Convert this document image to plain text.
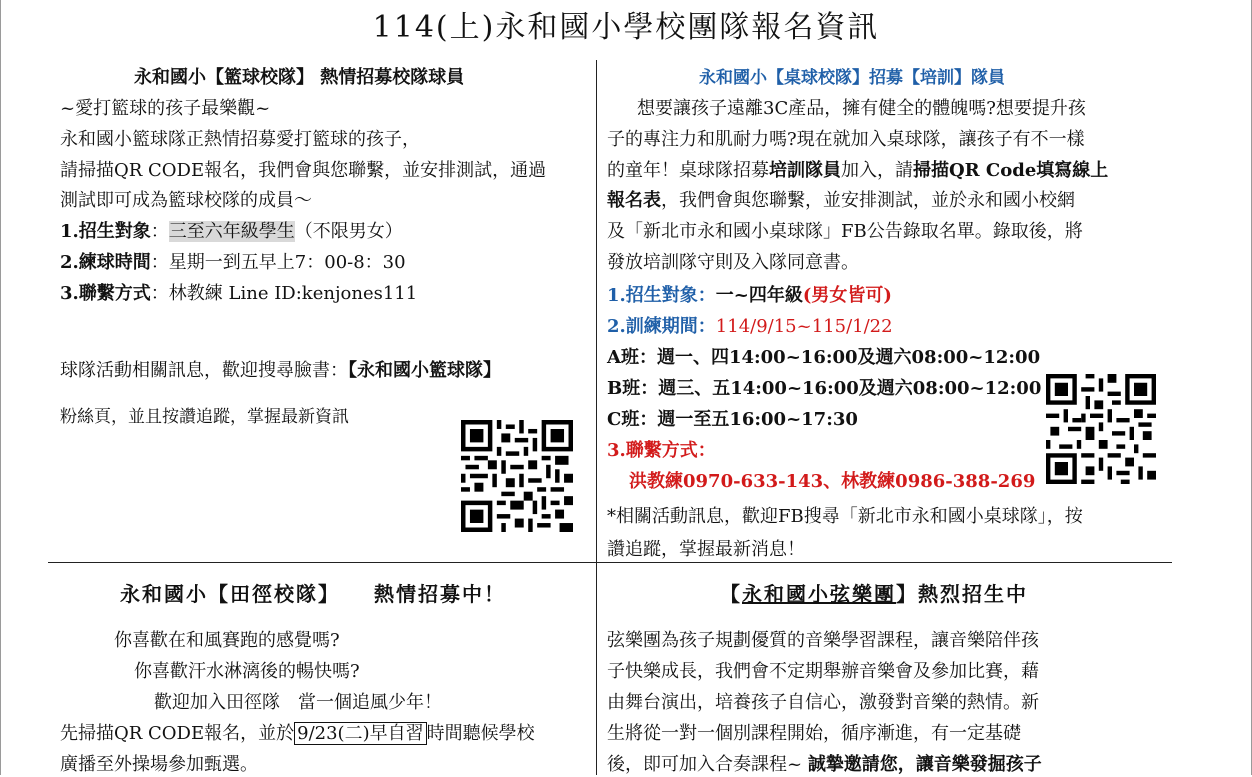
114(上)永和國小學校團隊報名資訊
永和國小【籃球校隊】 熱情招募校隊球員
~愛打籃球的孩子最樂觀~
永和國小籃球隊正熱情招募愛打籃球的孩子，
請掃描QR CODE報名，我們會與您聯繫，並安排測試，通過
測試即可成為籃球校隊的成員～
1.招生對象：三至六年級學生（不限男女）
2.練球時間：星期一到五早上7：00-8：30
3.聯繫方式：林教練 Line ID:kenjones111
球隊活動相關訊息，歡迎搜尋臉書：【永和國小籃球隊】
粉絲頁，並且按讚追蹤，掌握最新資訊
永和國小【桌球校隊】招募【培訓】隊員
想要讓孩子遠離3C產品，擁有健全的體魄嗎?想要提升孩
子的專注力和肌耐力嗎?現在就加入桌球隊，讓孩子有不一樣
的童年！桌球隊招募培訓隊員加入，請掃描QR Code填寫線上
報名表，我們會與您聯繫，並安排測試，並於永和國小校網
及「新北市永和國小桌球隊」FB公告錄取名單。錄取後，將
發放培訓隊守則及入隊同意書。
1.招生對象：一~四年級(男女皆可)
2.訓練期間：114/9/15~115/1/22
A班：週一、四14:00~16:00及週六08:00~12:00
B班：週三、五14:00~16:00及週六08:00~12:00
C班：週一至五16:00~17:30
3.聯繫方式：
洪教練0970-633-143、林教練0986-388-269
*相關活動訊息，歡迎FB搜尋「新北市永和國小桌球隊」，按
讚追蹤，掌握最新消息！
永和國小【田徑校隊】 熱情招募中！
你喜歡在和風賽跑的感覺嗎?
你喜歡汗水淋漓後的暢快嗎?
歡迎加入田徑隊　當一個追風少年！
先掃描QR CODE報名，並於 9/23(二)早自習 時間聽候學校
廣播至外操場參加甄選。
【永和國小弦樂團】熱烈招生中
弦樂團為孩子規劃優質的音樂學習課程，讓音樂陪伴孩
子快樂成長，我們會不定期舉辦音樂會及參加比賽，藉
由舞台演出，培養孩子自信心，激發對音樂的熱情。新
生將從一對一個別課程開始，循序漸進，有一定基礎
後，即可加入合奏課程~ 誠摯邀請您，讓音樂發掘孩子
